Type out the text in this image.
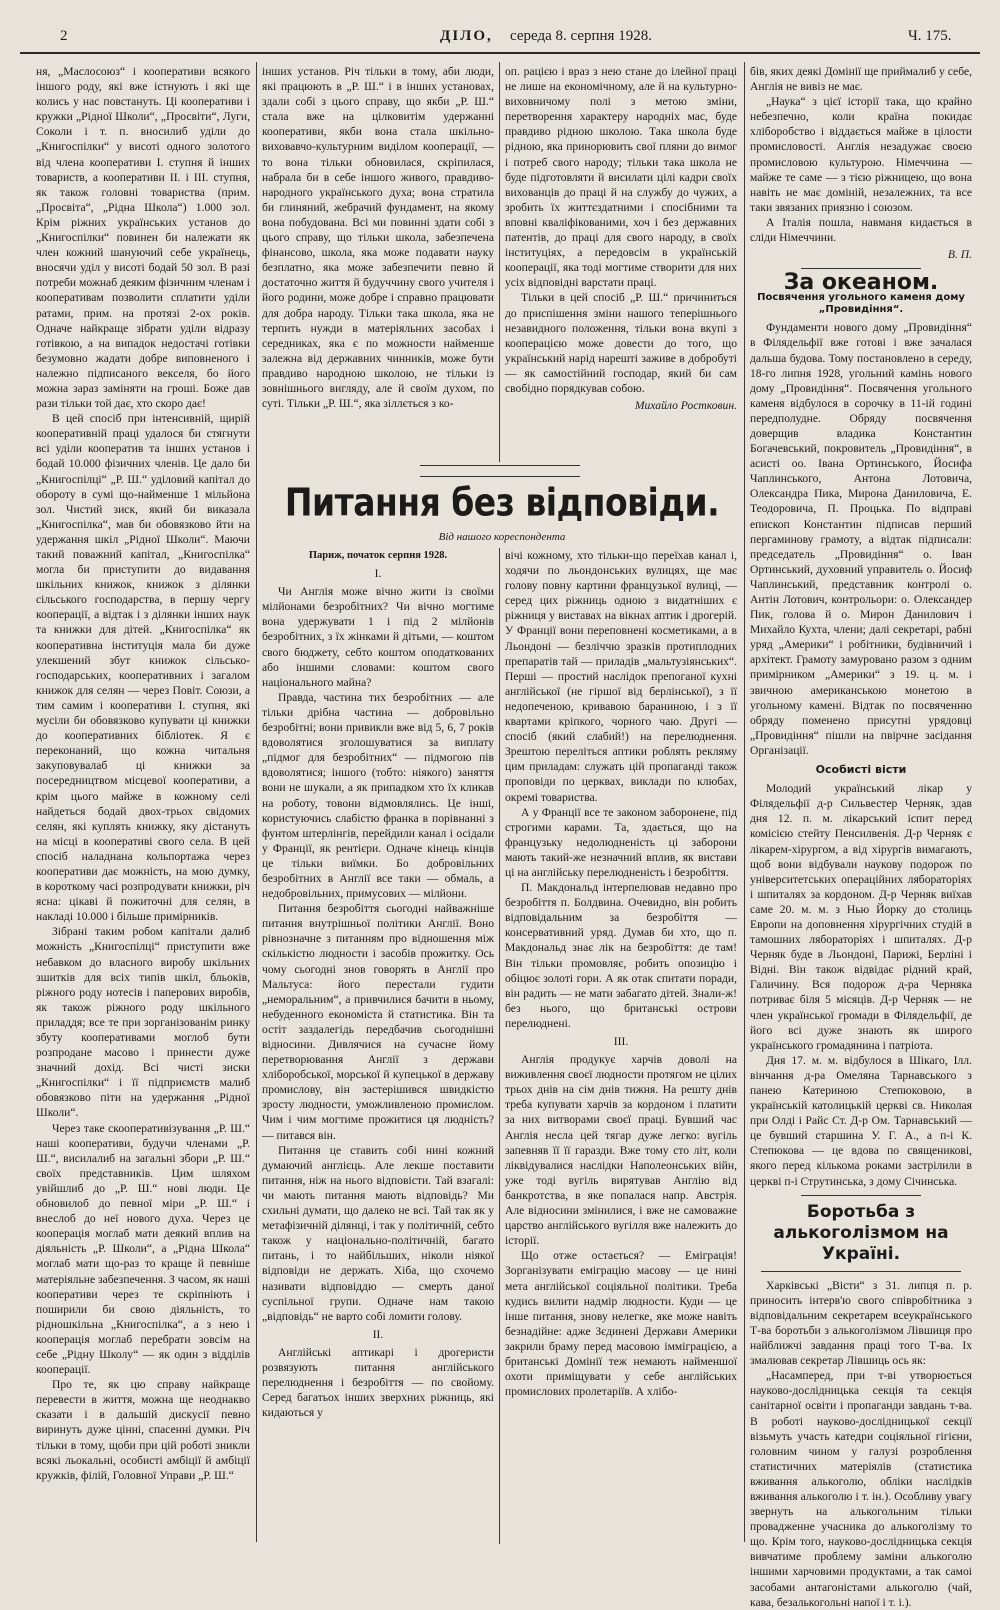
2	ДІЛО, середа 8. серпня 1928.	Ч. 175.

ня, „Маслосоюз“ і кооперативи всякого іншого роду, які вже істнують і які ще колись у нас повстануть. Ці кооперативи і кружки „Рідної Школи“, „Просвіти“, Луги, Соколи і т. п. вносилиб уділи до „Книгоспілки“ у висоті одного золотого від члена кооперативи І. ступня й інших товариств, а кооперативи ІІ. і ІІІ. ступня, як також головні товариства (прим. „Просвіта“, „Рідна Школа“) 1.000 зол. Крім ріжних українських установ до „Книгоспілки“ повинен би належати як член кожний шануючий себе українець, вносячи уділ у висоті бодай 50 зол. В разі потреби можнаб деяким фізичним членам і кооперативам позволити сплатити уділи ратами, прим. на протязі 2-ох років. Одначе найкраще зібрати уділи відразу готівкою, а на випадок недостачі готівки безумовно жадати добре виповненого і належно підписаного векселя, бо його можна зараз заміняти на гроші. Боже дав рази тільки той дає, хто скоро дає!

В цей спосіб при інтенсивній, щирій кооперативній праці удалося би стягнути всі уділи кооператив та інших установ і бодай 10.000 фізичних членів. Це дало би „Книгоспілці“ „Р. Ш.“ уділовий капітал до обороту в сумі що-найменше 1 мільйона зол. Чистий зиск, який би виказала „Книгоспілка“, мав би обовязково йти на удержання шкіл „Рідної Школи“. Маючи такий поважний капітал, „Книгоспілка“ могла би приступити до видавання шкільних книжок, книжок з ділянки сільського господарства, в першу чергу кооперації, а відтак і з ділянки інших наук та книжки для дітей. „Книгоспілка“ як кооперативна інституція мала би дуже улекшений збут книжок сільсько-господарських, кооперативних і загалом книжок для селян — через Повіт. Союзи, а тим самим і кооперативи І. ступня, які мусіли би обовязково купувати ці книжки до кооперативних бібліотек. Я є переконаний, що кожна читальня закуповувалаб ці книжки за посередництвом місцевої кооперативи, а крім цього майже в кожному селі найдеться бодай двох-трьох свідомих селян, які куплять книжку, яку дістануть на місці в кооперативі свого села. В цей спосіб наладнана кольпортажа через кооперативи дає можність, на мою думку, в короткому часі розпродувати книжки, річ ясна: цікаві й пожиточні для селян, в накладі 10.000 і більше примірників.

Зібрані таким робом капітали далиб можність „Книгоспілці“ приступити вже небавком до власного виробу шкільних зшитків для всіх типів шкіл, бльоків, ріжного роду нотесів і паперових виробів, як також ріжного роду шкільного приладдя; все те при зорганізованім ринку збуту кооперативами моглоб бути розпродане масово і принести дуже значний дохід. Всі чисті зиски „Книгоспілки“ і її підприємств малиб обовязково піти на удержання „Рідної Школи“.

Через таке скооперативізування „Р. Ш.“ наші кооперативи, будучи членами „Р. Ш.“, висилалиб на загальні збори „Р. Ш.“ своїх представників. Цим шляхом увійшлиб до „Р. Ш.“ нові люди. Це обновилоб до певної міри „Р. Ш.“ і внеслоб до неї нового духа. Через це кооперація моглаб мати деякий вплив на діяльність „Р. Школи“, а „Рідна Школа“ моглаб мати що-раз то краще й певніше матеріяльне забезпечення. З часом, як наші кооперативи через те скріпніють і поширили би свою діяльність, то рідношкільна „Книгоспілка“, а з нею і кооперація моглаб перебрати зовсім на себе „Рідну Школу“ — як один з відділів кооперації.

Про те, як цю справу найкраще перевести в життя, можна ще неоднакво сказати і в дальшій дискусії певно виринуть дуже цінні, спасенні думки. Річ тільки в тому, щоби при цій роботі зникли всякі льокальні, особисті амбіції й амбіції кружків, філій, Головної Управи „Р. Ш.“

інших установ. Річ тільки в тому, аби люди, які працюють в „Р. Ш.“ і в інших установах, здали собі з цього справу, що якби „Р. Ш.“ стала вже на цілковитім удержанні кооперативи, якби вона стала шкільно-виховавчо-культурним виділом кооперації, — то вона тільки обновилася, скріпилася, набрала би в себе іншого живого, правдиво-народного українського духа; вона стратила би глиняний, жебрачий фундамент, на якому вона побудована. Всі ми повинні здати собі з цього справу, що тільки школа, забезпечена фінансово, школа, яка може подавати науку безплатно, яка може забезпечити певно й достаточно життя й будуччину свого учителя і його родини, може добре і справно працювати для добра народу. Тільки така школа, яка не терпить нужди в матеріяльних засобах і середниках, яка є по можности найменше залежна від державних чинників, може бути правдиво народною школою, не тільки із зовнішнього вигляду, але й своїм духом, по суті. Тільки „Р. Ш.“, яка зіллється з ко-

оп. рацією і враз з нею стане до ілейної праці не лише на економічному, але й на культурно-виховничому полі з метою зміни, перетворення характеру народніх мас, буде правдиво рідною школою. Така школа буде рідною, яка принорювить свої пляни до вимог і потреб свого народу; тільки така школа не буде підготовляти й висилати цілі кадри своїх вихованців до праці й на службу до чужих, а зробить їх життєздатними і спосібними та вповні кваліфікованими, хоч і без державних патентів, до праці для свого народу, в своїх інституціях, а передовсім в українській кооперації, яка тоді могтиме створити для них усіх відповідні варстати праці.

Тільки в цей спосіб „Р. Ш.“ причиниться до приспішення зміни нашого теперішнього незавидного положення, тільки вона вкупі з кооперацією може довести до того, що український нарід нарешті заживе в добробуті — як самостійний господар, який би сам свобідно порядкував собою.

Михайло Ростковин.
Питання без відповіди.
Від нашого кореспондента
Париж, початок серпня 1928.
І.

Чи Англія може вічно жити із своїми мілйонами безробітних? Чи вічно могтиме вона удержувати 1 і під 2 мілйонів безробітних, з їх жінками й дітьми, — коштом свого бюджету, себто коштом оподаткованих або іншими словами: коштом свого національного майна?

Правда, частина тих безробітних — але тільки дрібна частина — добровільно безробітні; вони привикли вже від 5, 6, 7 років вдоволятися зголошуватися за виплату „підмог для безробітних“ — підмогою пів вдоволятися; іншого (тобто: ніякого) заняття вони не шукали, а як припадком хто їх кликав на роботу, товони відмовлялись. Це інші, користуючись слабістю франка в порівнанні з фунтом штерлінгів, перейдили канал і осідали у Франції, як рентієри. Одначе кінець кінців це тільки виїмки. Бо добровільних безробітних в Англії все таки — обмаль, а недобровільних, примусових — мілйони.

Питання безробіття сьогодні найважніше питання внутрішньої політики Англії. Воно рівнозначне з питанням про відношення між скількістю людности і засобів прожитку. Ось чому сьогодні знов говорять в Англії про Мальтуса: його перестали гудити „неморальним“, а привчилися бачити в ньому, небуденного економіста й статистика. Він та остіт заздалегідь передбачив сьогоднішні відносини. Дивлячися на сучасне йому перетворювання Англії з держави хліборобської, морської й купецької в державу промислову, він застерішився швидкістю зросту людности, уможливленою промислом. Чим і чим могтиме прожитися ця людність? — питався він.

Питання це ставить собі нині кожний думаючий англієць. Але лекше поставити питання, ніж на нього відповісти. Тай взагалі: чи мають питання мають відповідь? Ми схильні думати, що далеко не всі. Тай так як у метафізичній ділянці, і так у політичній, себто також у національно-політичній, багато питань, і то найбільших, ніколи ніякої відповіди не держать. Хіба, що схочемо називати відповіддю — смерть даної суспільної групи. Одначе нам такою „відповідь“ не варто собі ломити голову.

ІІ.

Англійські аптикарі і дрогеристи розвязують питання англійського перелюднення і безробіття — по свойому. Серед багатьох інших зверхних ріжниць, які кидаються у

вічі кожному, хто тільки-що переїхав канал і, ходячи по льондонських вулицях, ще має голову повну картини французької вулиці, — серед цих ріжниць одною з видатніших є ріжниця у виставах на вікнах аптик і дрогерій. У Франції вони переповнені косметиками, а в Льондоні — безліччю зразків протиплодних препаратів тай — приладів „мальтузіянських“. Перші — простий наслідок препоганої кухні англійської (не гіршої від берлінської), з її недопеченою, кривавою бараниною, і з її квартами кріпкого, чорного чаю. Другі — спосіб (який слабий!) на перелюднення. Зрештою переліться аптики роблять рекляму цим приладам: служать цій пропаганді також проповіди по церквах, виклади по клюбах, окремі товариства.

А у Франції все те законом заборонене, під строгими карами. Та, здається, що на французьку недолюдненість ці заборони мають такий-же незначний вплив, як вистави ці на англійську перелюдненість і безробіття.

П. Макдональд інтерпелював недавно про безробіття п. Болдвина. Очевидно, він робить відповідальним за безробіття — консервативний уряд. Думав би хто, що п. Макдональд знає лік на безробіття: де там! Він тільки промовляє, робить опозицію і обіцює золоті гори. А як отак спитати поради, він радить — не мати забагато дітей. Знали-ж! без нього, що британські острови перелюднені.

ІІІ.

Англія продукує харчів доволі на виживлення своєї людности протягом не цілих трьох днів на сім днів тижня. На решту днів треба купувати харчів за кордоном і платити за них витворами своєї праці. Бувший час Англія несла цей тягар дуже легко: вугіль запевняв її її гаразди. Вже тому сто літ, коли ліквідувалися наслідки Наполеонських війн, уже тоді вугіль вирятував Англію від банкротства, в яке попалася напр. Австрія. Але відносини змінилися, і вже не самоважне царство англійського вугілля вже належить до історії.

Що отже остається? — Еміграція! Зорганізувати еміграцію масову — це нині мета англійської соціяльної політики. Треба кудись вилити надмір людности. Куди — це інше питання, знову нелегке, яке може навіть безнадійне: адже Зєдинені Держави Америки закрили браму перед масовою імміграцією, а британські Домінії теж немають найменшої охоти приміщувати у себе англійських промислових пролетаріїв. А хлібо-

бів, яких деякі Домінії ще приймалиб у себе, Англія не вивіз не має.

„Наука“ з цієї історії така, що крайно небезпечно, коли країна покидає хліборобство і віддається майже в цілости промисловості. Англія незадужає своєю промисловою культурою. Німеччина — майже те саме — з тією ріжницею, що вона навіть не має доміній, незалежних, та все таки звязаних приязню і союзом.

А Італія пошла, навманя кидається в сліди Німеччини.

В. П.
За океаном.
Посвячення угольного каменя дому „Провидіння“.

Фундаменти нового дому „Провидіння“ в Філядельфії вже готові і вже зачалася дальша будова. Тому постановлено в середу, 18-го липня 1928, угольний камінь нового дому „Провидіння“. Посвячення угольного каменя відбулося в сорочку в 11-ій годині передполудне. Обряду посвячення доверщив владика Константин Богачевський, покровитель „Провидіння“, в асисті оо. Івана Ортинського, Йосифа Чаплинського, Антона Лотовича, Олександра Пика, Мирона Даниловича, Е. Теодоровича, П. Процька. По відправі епископ Константин підписав перший пергаминову грамоту, а відтак підписали: председатель „Провидіння“ о. Іван Ортинський, духовний управитель о. Йосиф Чаплинський, представник контролі о. Антін Лотович, контрольори: о. Олександер Пик, голова й о. Мирон Данилович і Михайло Кухта, члени; далі секретарі, рабні уряд „Америки“ і робітники, будівничий і архітект. Грамоту замуровано разом з одним примірником „Америки“ з 19. ц. м. і звичною американською монетою в угольному камені. Відтак по посвяченню обряду поменено присутні урядовці „Провидіння“ пішли на пвірчне засідання Організації.

Особисті вісти

Молодий український лікар у Філядельфії д-р Сильвестер Черняк, здав дня 12. п. м. лікарський іспит перед комісією стейту Пенсилвенія. Д-р Черняк є лікарем-хірургом, а від хірургів вимагають, щоб вони відбували наукову подорож по університетських операційних лябораторіях і шпиталях за кордоном. Д-р Черняк виїхав саме 20. м. м. з Нью Йорку до столиць Европи на доповнення хірургічних студій в тамошних лябораторіях і шпиталях. Д-р Черняк буде в Льондоні, Парижі, Берліні і Відні. Він також відвідає рідний край, Галичину. Вся подорож д-ра Черняка потриває біля 5 місяців. Д-р Черняк — не член української громади в Філядельфії, де його всі дуже знають як широго українського громадянина і патріота.

Дня 17. м. м. відбулося в Шікаго, Ілл. вінчання д-ра Омеляна Тарнавського з панею Катериною Степюковою, в українській католицькій церкві св. Николая при Олді і Райс Ст. Д-р Ом. Тарнавський — це бувший старшина У. Г. А., а п-і К. Степюкова — це вдова по священикові, якого перед кількома роками застрілили в церкві п-і Струтинська, з дому Січинська.

Боротьба з алькоголізмом на Україні.

Харківські „Вісти“ з 31. липця п. р. приносить інтерв'ю свого співробітника з відповідальним секретарем всеукраїнського Т-ва боротьби з алькоголізмом Лівшиця про найближчі завдання праці того Т-ва. Іх змалював секретар Лівшиць ось як:

„Насамперед, при т-ві утворюється науково-дослідницька секція та секція санітарної освіти і пропаганди завдань т-ва. В роботі науково-дослідницької секції візьмуть участь катедри соціяльної гігієни, головним чином у галузі розроблення статистичних матеріялів (статистика вживання алькоголю, обліки наслідків вживання алькоголю і т. ін.). Особливу увагу звернуть на алькогольним тільки провадженне учасника до алькоголізму то що. Крім того, науково-дослідницька секція вивчатиме проблему заміни алькоголю іншими харчовими продуктами, а так самоі засобами антагоністами алькоголю (чай, кава, безалькогольні напої і т. і.).
